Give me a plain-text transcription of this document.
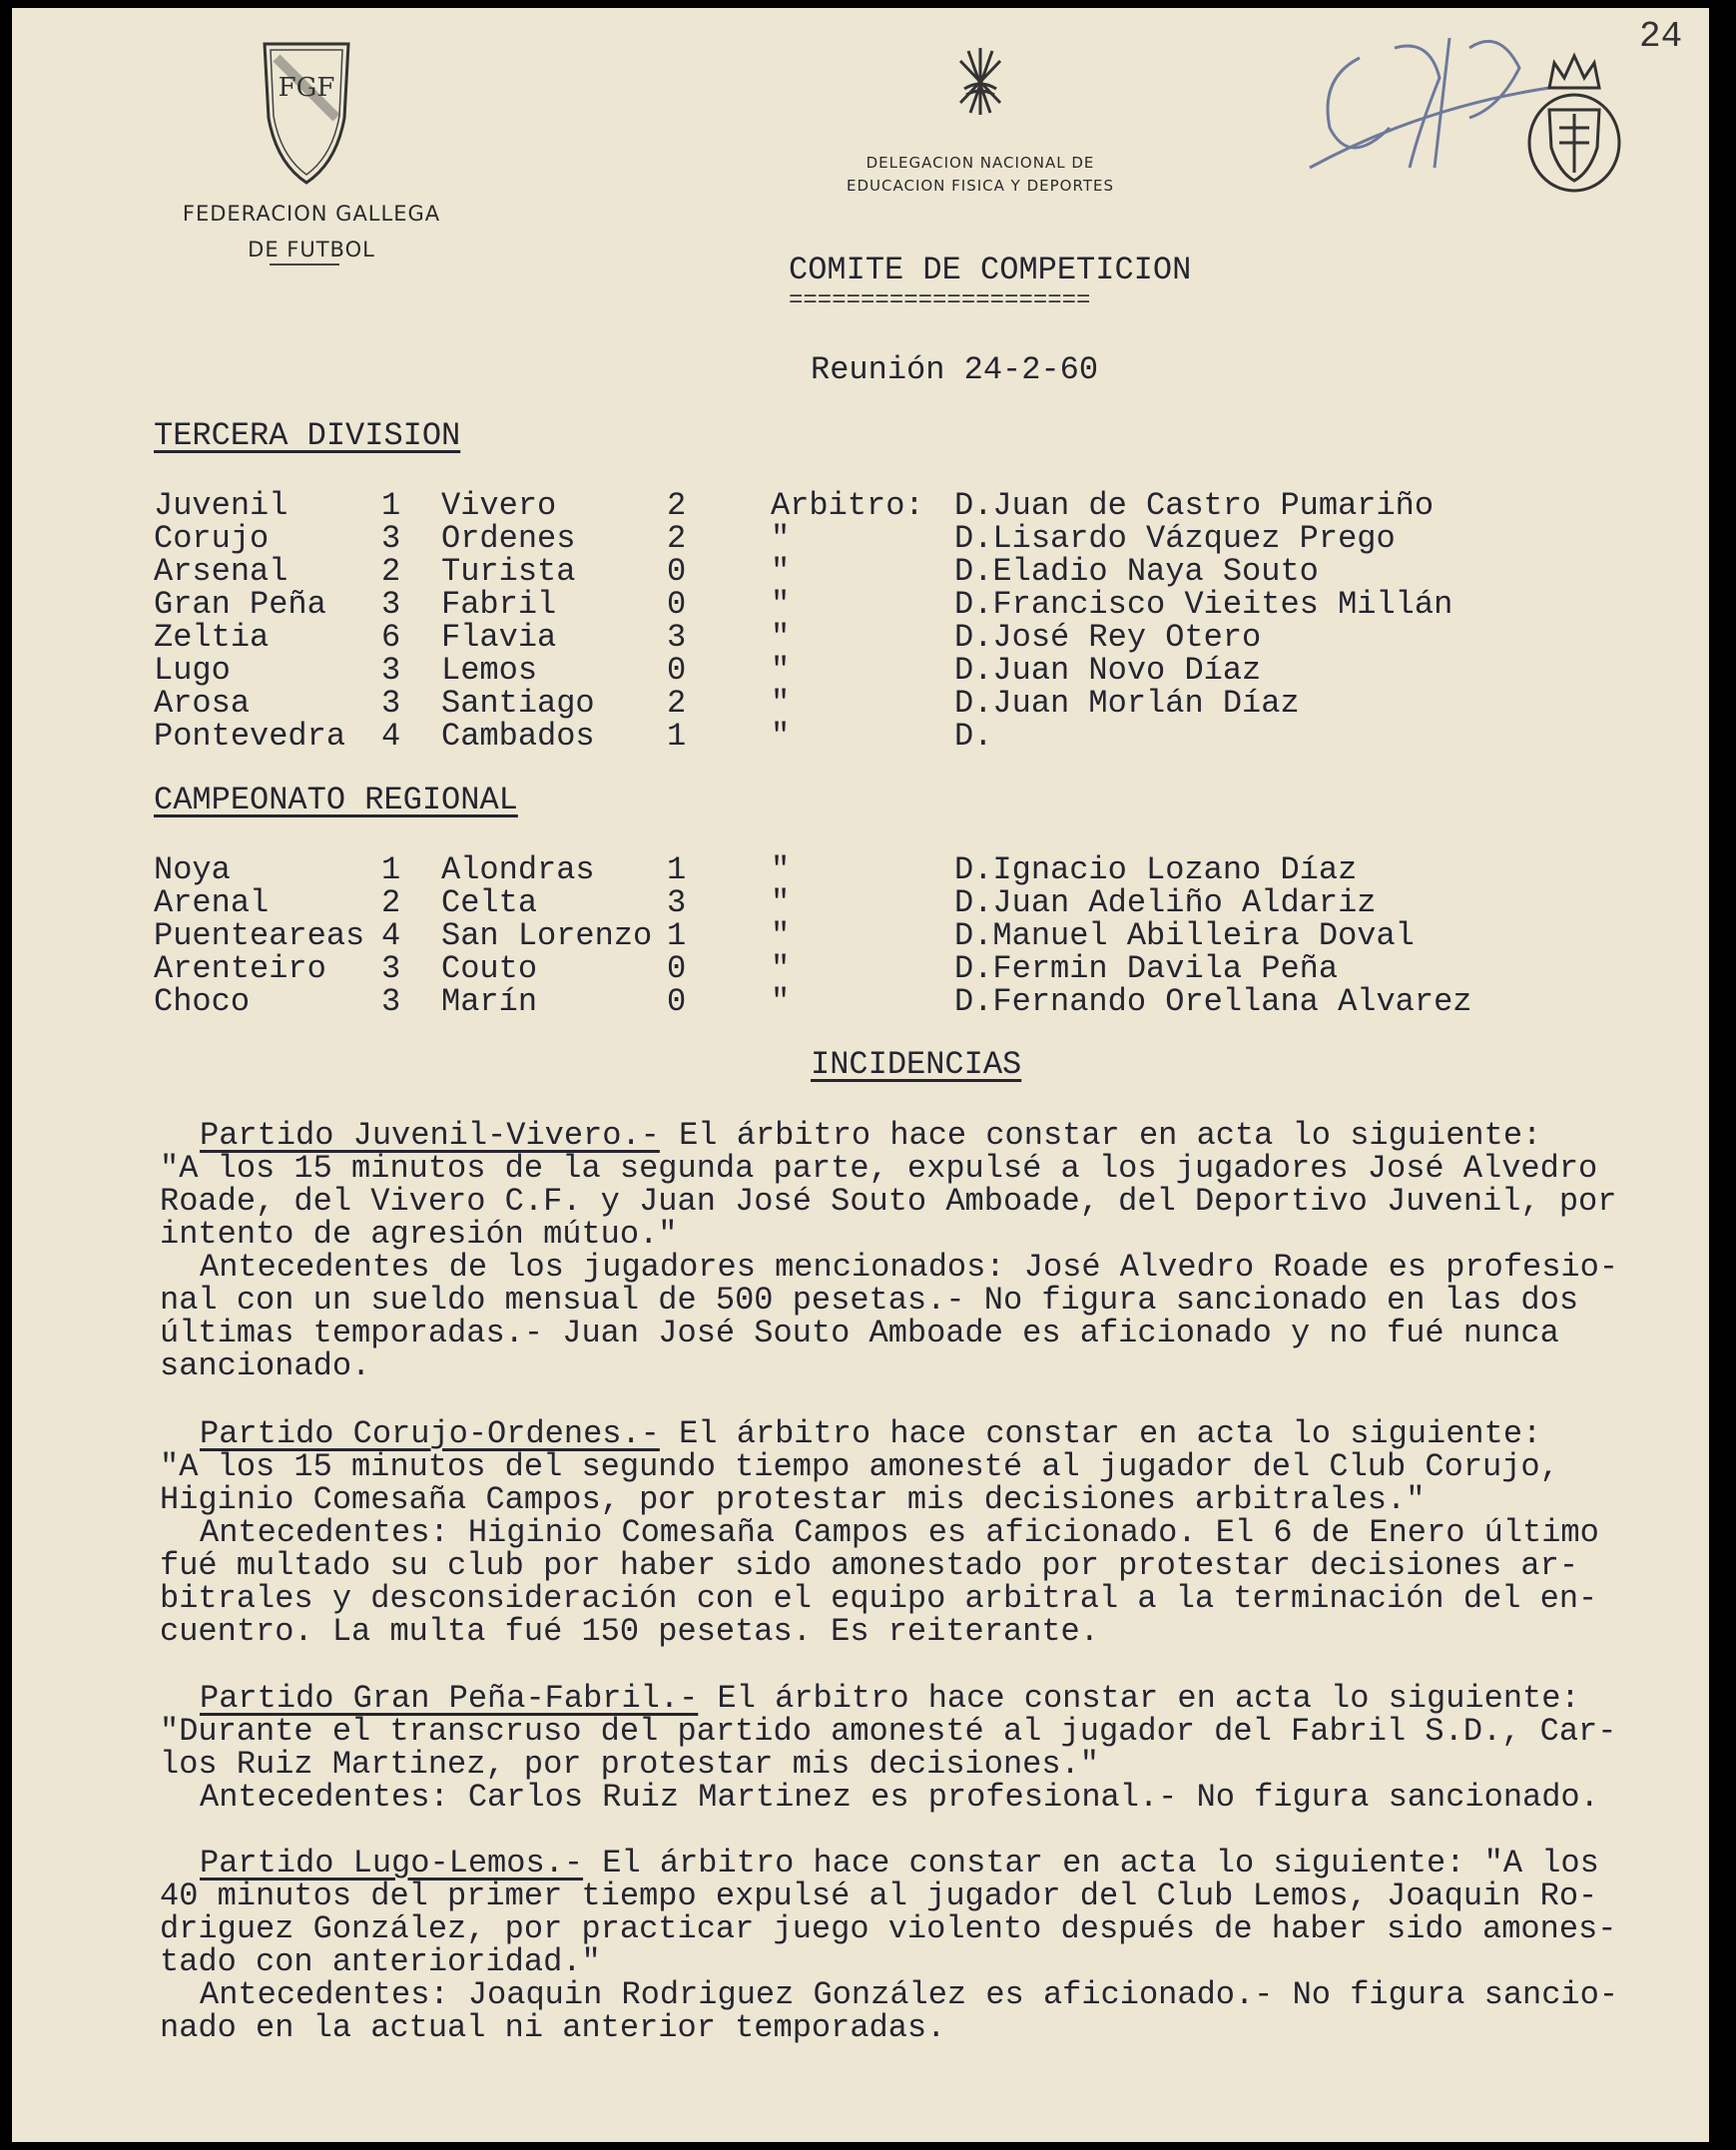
FGF
FEDERACION GALLEGA
DE FUTBOL
DELEGACION NACIONAL DE
EDUCACION FISICA Y DEPORTES
24
COMITE DE COMPETICION
=====================
Reunión 24-2-60
TERCERA DIVISION
CAMPEONATO REGIONAL
INCIDENCIAS
Juvenil	1 Vivero	2	Arbitro: D.Juan de Castro Pumariño
Corujo	3 Ordenes	2	"	D.Lisardo Vázquez Prego
Arsenal	2 Turista	0	"	D.Eladio Naya Souto
Gran Peña 3 Fabril	0	"	D.Francisco Vieites Millán
Zeltia	6 Flavia	3	"	D.José Rey Otero
Lugo	3 Lemos	0	"	D.Juan Novo Díaz
Arosa	3 Santiago 2	"	D.Juan Morlán Díaz
Pontevedra 4 Cambados 1	"	D.
Noya	1 Alondras 1	"	D.Ignacio Lozano Díaz
Arenal	2 Celta	3	"	D.Juan Adeliño Aldariz
Puenteareas 4 San Lorenzo 1	"	D.Manuel Abilleira Doval
Arenteiro 3 Couto	0	"	D.Fermin Davila Peña
Choco	3 Marín	0	"	D.Fernando Orellana Alvarez
Partido Juvenil-Vivero.- El árbitro hace constar en acta lo siguiente:
"A los 15 minutos de la segunda parte, expulsé a los jugadores José Alvedro
Roade, del Vivero C.F. y Juan José Souto Amboade, del Deportivo Juvenil, por
intento de agresión mútuo."
Antecedentes de los jugadores mencionados: José Alvedro Roade es profesio-
nal con un sueldo mensual de 500 pesetas.- No figura sancionado en las dos
últimas temporadas.- Juan José Souto Amboade es aficionado y no fué nunca
sancionado.
Partido Corujo-Ordenes.- El árbitro hace constar en acta lo siguiente:
"A los 15 minutos del segundo tiempo amonesté al jugador del Club Corujo,
Higinio Comesaña Campos, por protestar mis decisiones arbitrales."
Antecedentes: Higinio Comesaña Campos es aficionado. El 6 de Enero último
fué multado su club por haber sido amonestado por protestar decisiones ar-
bitrales y desconsideración con el equipo arbitral a la terminación del en-
cuentro. La multa fué 150 pesetas. Es reiterante.
Partido Gran Peña-Fabril.- El árbitro hace constar en acta lo siguiente:
"Durante el transcruso del partido amonesté al jugador del Fabril S.D., Car-
los Ruiz Martinez, por protestar mis decisiones."
Antecedentes: Carlos Ruiz Martinez es profesional.- No figura sancionado.
Partido Lugo-Lemos.- El árbitro hace constar en acta lo siguiente: "A los
40 minutos del primer tiempo expulsé al jugador del Club Lemos, Joaquin Ro-
driguez González, por practicar juego violento después de haber sido amones-
tado con anterioridad."
Antecedentes: Joaquin Rodriguez González es aficionado.- No figura sancio-
nado en la actual ni anterior temporadas.
